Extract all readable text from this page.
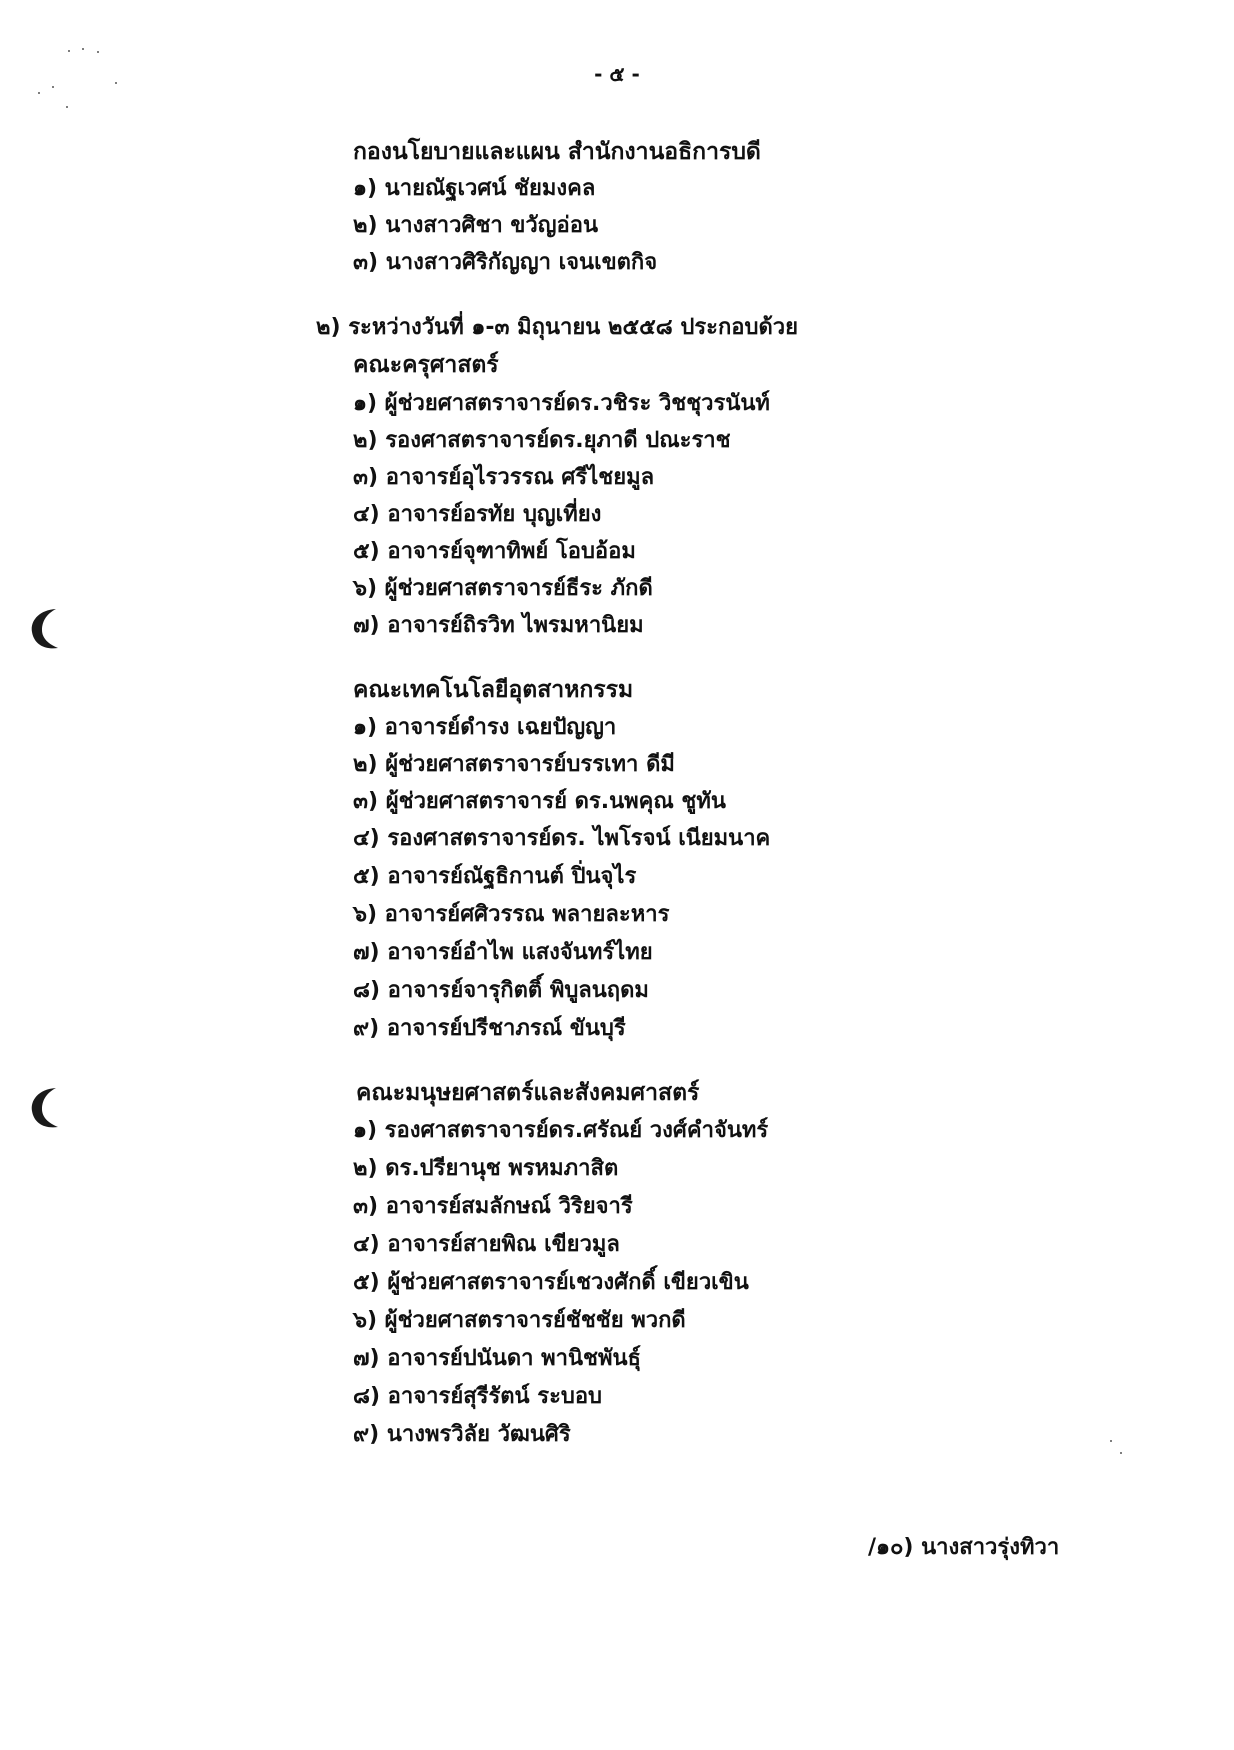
- ๕ -
กองนโยบายและแผน สำนักงานอธิการบดี
๑) นายณัฐเวศน์ ชัยมงคล
๒) นางสาวศิชา ขวัญอ่อน
๓) นางสาวศิริกัญญา เจนเขตกิจ
๒) ระหว่างวันที่ ๑-๓ มิถุนายน ๒๕๕๘ ประกอบด้วย
คณะครุศาสตร์
๑) ผู้ช่วยศาสตราจารย์ดร.วชิระ วิชชุวรนันท์
๒) รองศาสตราจารย์ดร.ยุภาดี ปณะราช
๓) อาจารย์อุไรวรรณ ศรีไชยมูล
๔) อาจารย์อรทัย บุญเที่ยง
๕) อาจารย์จุฑาทิพย์ โอบอ้อม
๖) ผู้ช่วยศาสตราจารย์ธีระ ภักดี
๗) อาจารย์ถิรวิท ไพรมหานิยม
คณะเทคโนโลยีอุตสาหกรรม
๑) อาจารย์ดำรง เฉยปัญญา
๒) ผู้ช่วยศาสตราจารย์บรรเทา ดีมี
๓) ผู้ช่วยศาสตราจารย์ ดร.นพคุณ ชูทัน
๔) รองศาสตราจารย์ดร. ไพโรจน์ เนียมนาค
๕) อาจารย์ณัฐธิกานต์ ปิ่นจุไร
๖) อาจารย์ศศิวรรณ พลายละหาร
๗) อาจารย์อำไพ แสงจันทร์ไทย
๘) อาจารย์จารุกิตติ์ พิบูลนฤดม
๙) อาจารย์ปรีชาภรณ์ ขันบุรี
คณะมนุษยศาสตร์และสังคมศาสตร์
๑) รองศาสตราจารย์ดร.ศรัณย์ วงศ์คำจันทร์
๒) ดร.ปรียานุช พรหมภาสิต
๓) อาจารย์สมลักษณ์ วิริยจารี
๔) อาจารย์สายพิณ เขียวมูล
๕) ผู้ช่วยศาสตราจารย์เชวงศักดิ์ เขียวเขิน
๖) ผู้ช่วยศาสตราจารย์ชัชชัย พวกดี
๗) อาจารย์ปนันดา พานิชพันธุ์
๘) อาจารย์สุรีรัตน์ ระบอบ
๙) นางพรวิลัย วัฒนศิริ
/๑๐) นางสาวรุ่งทิวา
